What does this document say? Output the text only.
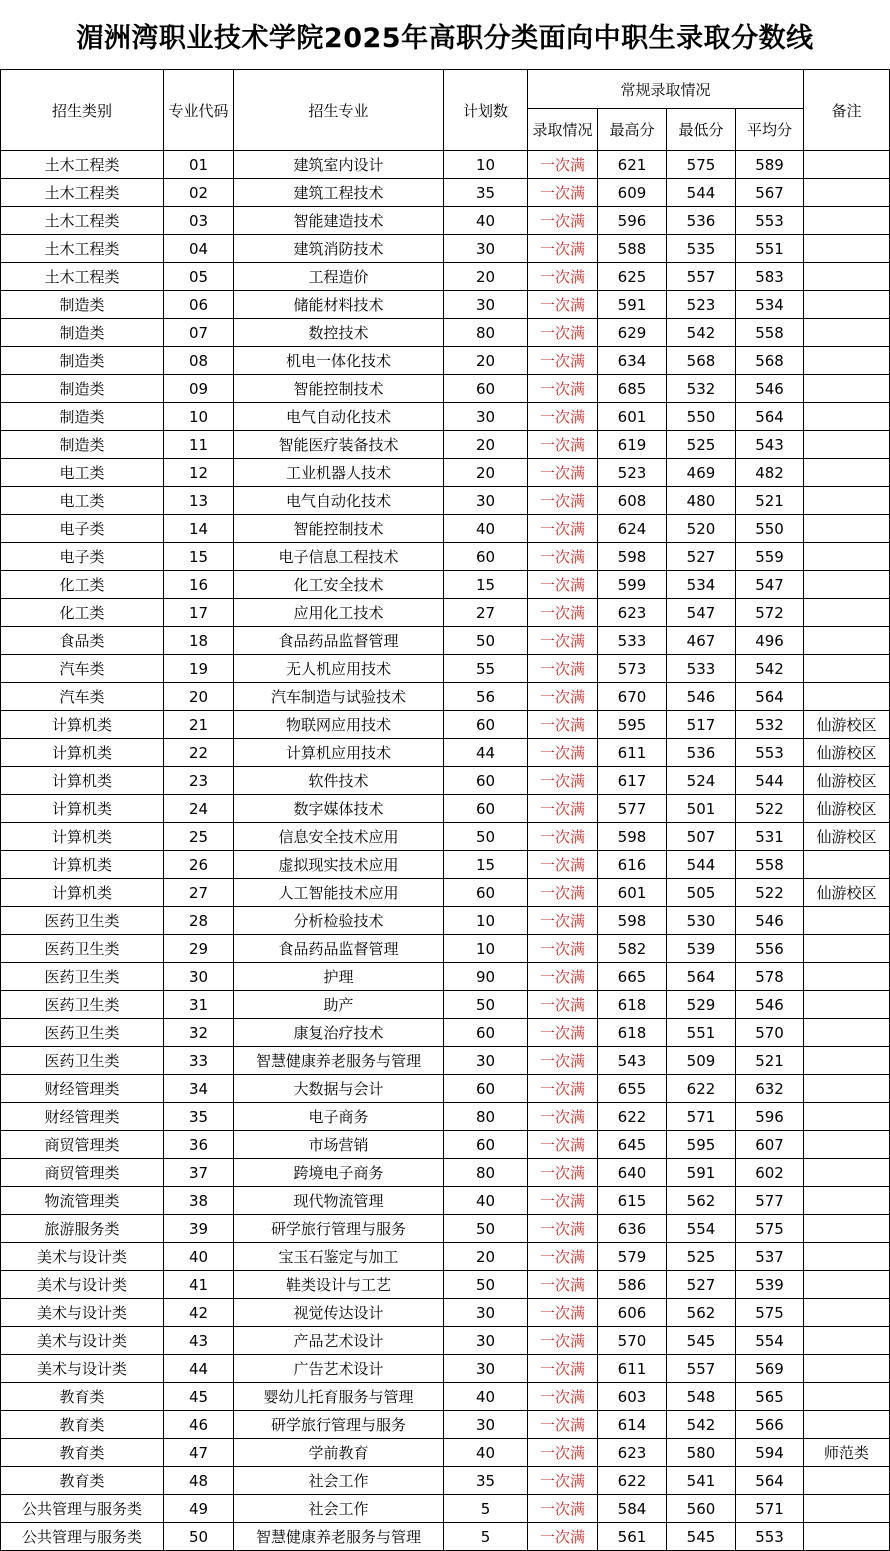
湄洲湾职业技术学院2025年高职分类面向中职生录取分数线
招生类别	专业代码	招生专业	计划数	常规录取情况				备注
				录取情况	最高分	最低分	平均分	
土木工程类	01	建筑室内设计	10	一次满	621	575	589	
土木工程类	02	建筑工程技术	35	一次满	609	544	567	
土木工程类	03	智能建造技术	40	一次满	596	536	553	
土木工程类	04	建筑消防技术	30	一次满	588	535	551	
土木工程类	05	工程造价	20	一次满	625	557	583	
制造类	06	储能材料技术	30	一次满	591	523	534	
制造类	07	数控技术	80	一次满	629	542	558	
制造类	08	机电一体化技术	20	一次满	634	568	568	
制造类	09	智能控制技术	60	一次满	685	532	546	
制造类	10	电气自动化技术	30	一次满	601	550	564	
制造类	11	智能医疗装备技术	20	一次满	619	525	543	
电工类	12	工业机器人技术	20	一次满	523	469	482	
电工类	13	电气自动化技术	30	一次满	608	480	521	
电子类	14	智能控制技术	40	一次满	624	520	550	
电子类	15	电子信息工程技术	60	一次满	598	527	559	
化工类	16	化工安全技术	15	一次满	599	534	547	
化工类	17	应用化工技术	27	一次满	623	547	572	
食品类	18	食品药品监督管理	50	一次满	533	467	496	
汽车类	19	无人机应用技术	55	一次满	573	533	542	
汽车类	20	汽车制造与试验技术	56	一次满	670	546	564	
计算机类	21	物联网应用技术	60	一次满	595	517	532	仙游校区
计算机类	22	计算机应用技术	44	一次满	611	536	553	仙游校区
计算机类	23	软件技术	60	一次满	617	524	544	仙游校区
计算机类	24	数字媒体技术	60	一次满	577	501	522	仙游校区
计算机类	25	信息安全技术应用	50	一次满	598	507	531	仙游校区
计算机类	26	虚拟现实技术应用	15	一次满	616	544	558	
计算机类	27	人工智能技术应用	60	一次满	601	505	522	仙游校区
医药卫生类	28	分析检验技术	10	一次满	598	530	546	
医药卫生类	29	食品药品监督管理	10	一次满	582	539	556	
医药卫生类	30	护理	90	一次满	665	564	578	
医药卫生类	31	助产	50	一次满	618	529	546	
医药卫生类	32	康复治疗技术	60	一次满	618	551	570	
医药卫生类	33	智慧健康养老服务与管理	30	一次满	543	509	521	
财经管理类	34	大数据与会计	60	一次满	655	622	632	
财经管理类	35	电子商务	80	一次满	622	571	596	
商贸管理类	36	市场营销	60	一次满	645	595	607	
商贸管理类	37	跨境电子商务	80	一次满	640	591	602	
物流管理类	38	现代物流管理	40	一次满	615	562	577	
旅游服务类	39	研学旅行管理与服务	50	一次满	636	554	575	
美术与设计类	40	宝玉石鉴定与加工	20	一次满	579	525	537	
美术与设计类	41	鞋类设计与工艺	50	一次满	586	527	539	
美术与设计类	42	视觉传达设计	30	一次满	606	562	575	
美术与设计类	43	产品艺术设计	30	一次满	570	545	554	
美术与设计类	44	广告艺术设计	30	一次满	611	557	569	
教育类	45	婴幼儿托育服务与管理	40	一次满	603	548	565	
教育类	46	研学旅行管理与服务	30	一次满	614	542	566	
教育类	47	学前教育	40	一次满	623	580	594	师范类
教育类	48	社会工作	35	一次满	622	541	564	
公共管理与服务类	49	社会工作	5	一次满	584	560	571	
公共管理与服务类	50	智慧健康养老服务与管理	5	一次满	561	545	553	
